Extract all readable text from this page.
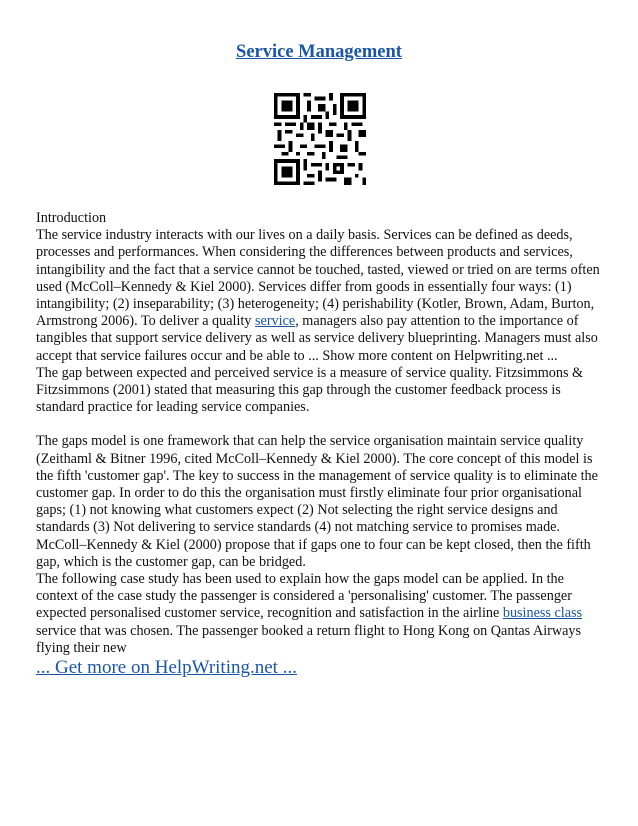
Service Management

Introduction

The service industry interacts with our lives on a daily basis. Services can be defined as deeds, processes and performances. When considering the differences between products and services, intangibility and the fact that a service cannot be touched, tasted, viewed or tried on are terms often used (McColl–Kennedy & Kiel 2000). Services differ from goods in essentially four ways: (1) intangibility; (2) inseparability; (3) heterogeneity; (4) perishability (Kotler, Brown, Adam, Burton, Armstrong 2006). To deliver a quality service, managers also pay attention to the importance of tangibles that support service delivery as well as service delivery blueprinting. Managers must also accept that service failures occur and be able to ... Show more content on Helpwriting.net ...

The gap between expected and perceived service is a measure of service quality. Fitzsimmons & Fitzsimmons (2001) stated that measuring this gap through the customer feedback process is standard practice for leading service companies.

The gaps model is one framework that can help the service organisation maintain service quality (Zeithaml & Bitner 1996, cited McColl–Kennedy & Kiel 2000). The core concept of this model is the fifth 'customer gap'. The key to success in the management of service quality is to eliminate the customer gap. In order to do this the organisation must firstly eliminate four prior organisational gaps; (1) not knowing what customers expect (2) Not selecting the right service designs and standards (3) Not delivering to service standards (4) not matching service to promises made. McColl–Kennedy & Kiel (2000) propose that if gaps one to four can be kept closed, then the fifth gap, which is the customer gap, can be bridged.

The following case study has been used to explain how the gaps model can be applied. In the context of the case study the passenger is considered a 'personalising' customer. The passenger expected personalised customer service, recognition and satisfaction in the airline business class service that was chosen. The passenger booked a return flight to Hong Kong on Qantas Airways flying their new

... Get more on HelpWriting.net ...
